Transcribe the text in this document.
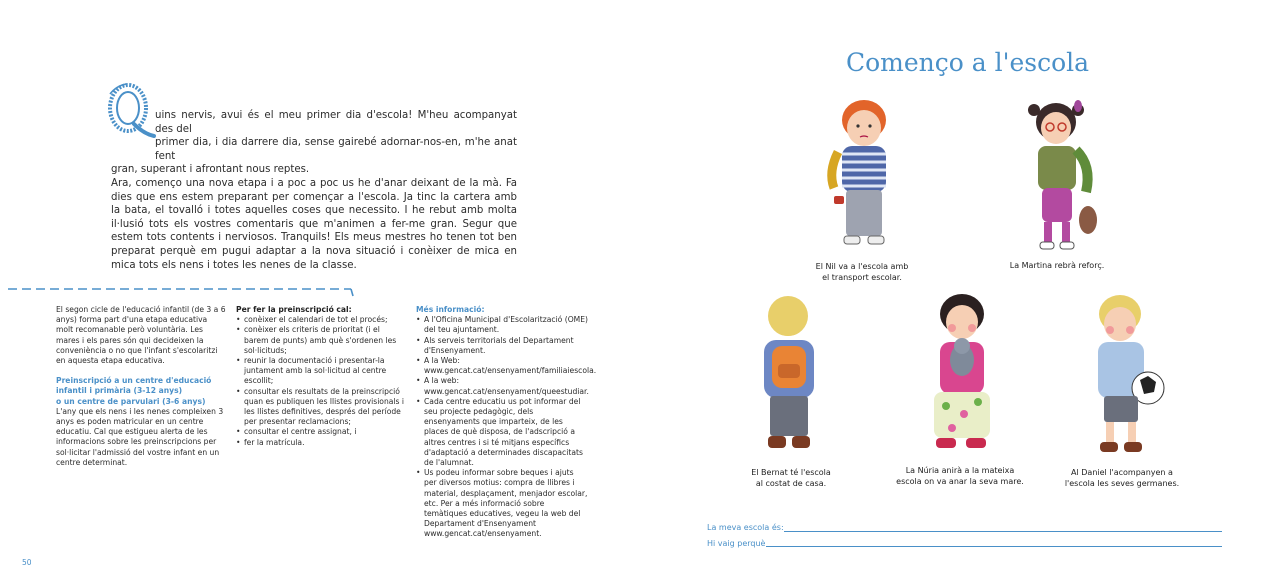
uins nervis, avui és el meu primer dia d'escola! M'heu acompanyat des del

primer dia, i dia darrere dia, sense gairebé adornar-nos-en, m'he anat fent

gran, superant i afrontant nous reptes.

Ara, començo una nova etapa i a poc a poc us he d'anar deixant de la mà. Fa dies que ens estem preparant per començar a l'escola. Ja tinc la cartera amb la bata, el tovalló i totes aquelles coses que necessito. I he rebut amb molta il·lusió tots els vostres comentaris que m'animen a fer-me gran. Segur que estem tots contents i nerviosos. Tranquils! Els meus mestres ho tenen tot ben preparat perquè em pugui adaptar a la nova situació i conèixer de mica en mica tots els nens i totes les nenes de la classe.

El segon cicle de l'educació infantil (de 3 a 6 anys) forma part d'una etapa educativa molt recomanable però voluntària. Les mares i els pares són qui decideixen la conveniència o no que l'infant s'escolaritzi en aquesta etapa educativa.

Preinscripció a un centre d'educació

infantil i primària (3-12 anys)

o un centre de parvulari (3-6 anys)

L'any que els nens i les nenes compleixen 3 anys es poden matricular en un centre educatiu. Cal que estigueu alerta de les informacions sobre les preinscripcions per sol·licitar l'admissió del vostre infant en un centre determinat.

Per fer la preinscripció cal:

• conèixer el calendari de tot el procés;
• conèixer els criteris de prioritat (i el barem de punts) amb què s'ordenen les sol·licituds;
• reunir la documentació i presentar-la juntament amb la sol·licitud al centre escollit;
• consultar els resultats de la preinscripció quan es publiquen les llistes provisionals i les llistes definitives, després del període per presentar reclamacions;
• consultar el centre assignat, i
• fer la matrícula.

Més informació:

• A l'Oficina Municipal d'Escolarització (OME) del teu ajuntament.
• Als serveis territorials del Departament d'Ensenyament.
• A la Web: www.gencat.cat/ensenyament/familiaiescola.
• A la web: www.gencat.cat/ensenyament/queestudiar.
• Cada centre educatiu us pot informar del seu projecte pedagògic, dels ensenyaments que imparteix, de les places de què disposa, de l'adscripció a altres centres i si té mitjans específics d'adaptació a determinades discapacitats de l'alumnat.
• Us podeu informar sobre beques i ajuts per diversos motius: compra de llibres i material, desplaçament, menjador escolar, etc. Per a més informació sobre temàtiques educatives, vegeu la web del Departament d'Ensenyament www.gencat.cat/ensenyament.
50
Començo a l'escola
El Nil va a l'escola amb
el transport escolar.
La Martina rebrà reforç.
El Bernat té l'escola
al costat de casa.
La Núria anirà a la mateixa
escola on va anar la seva mare.
Al Daniel l'acompanyen a
l'escola les seves germanes.
La meva escola és:
Hi vaig perquè
